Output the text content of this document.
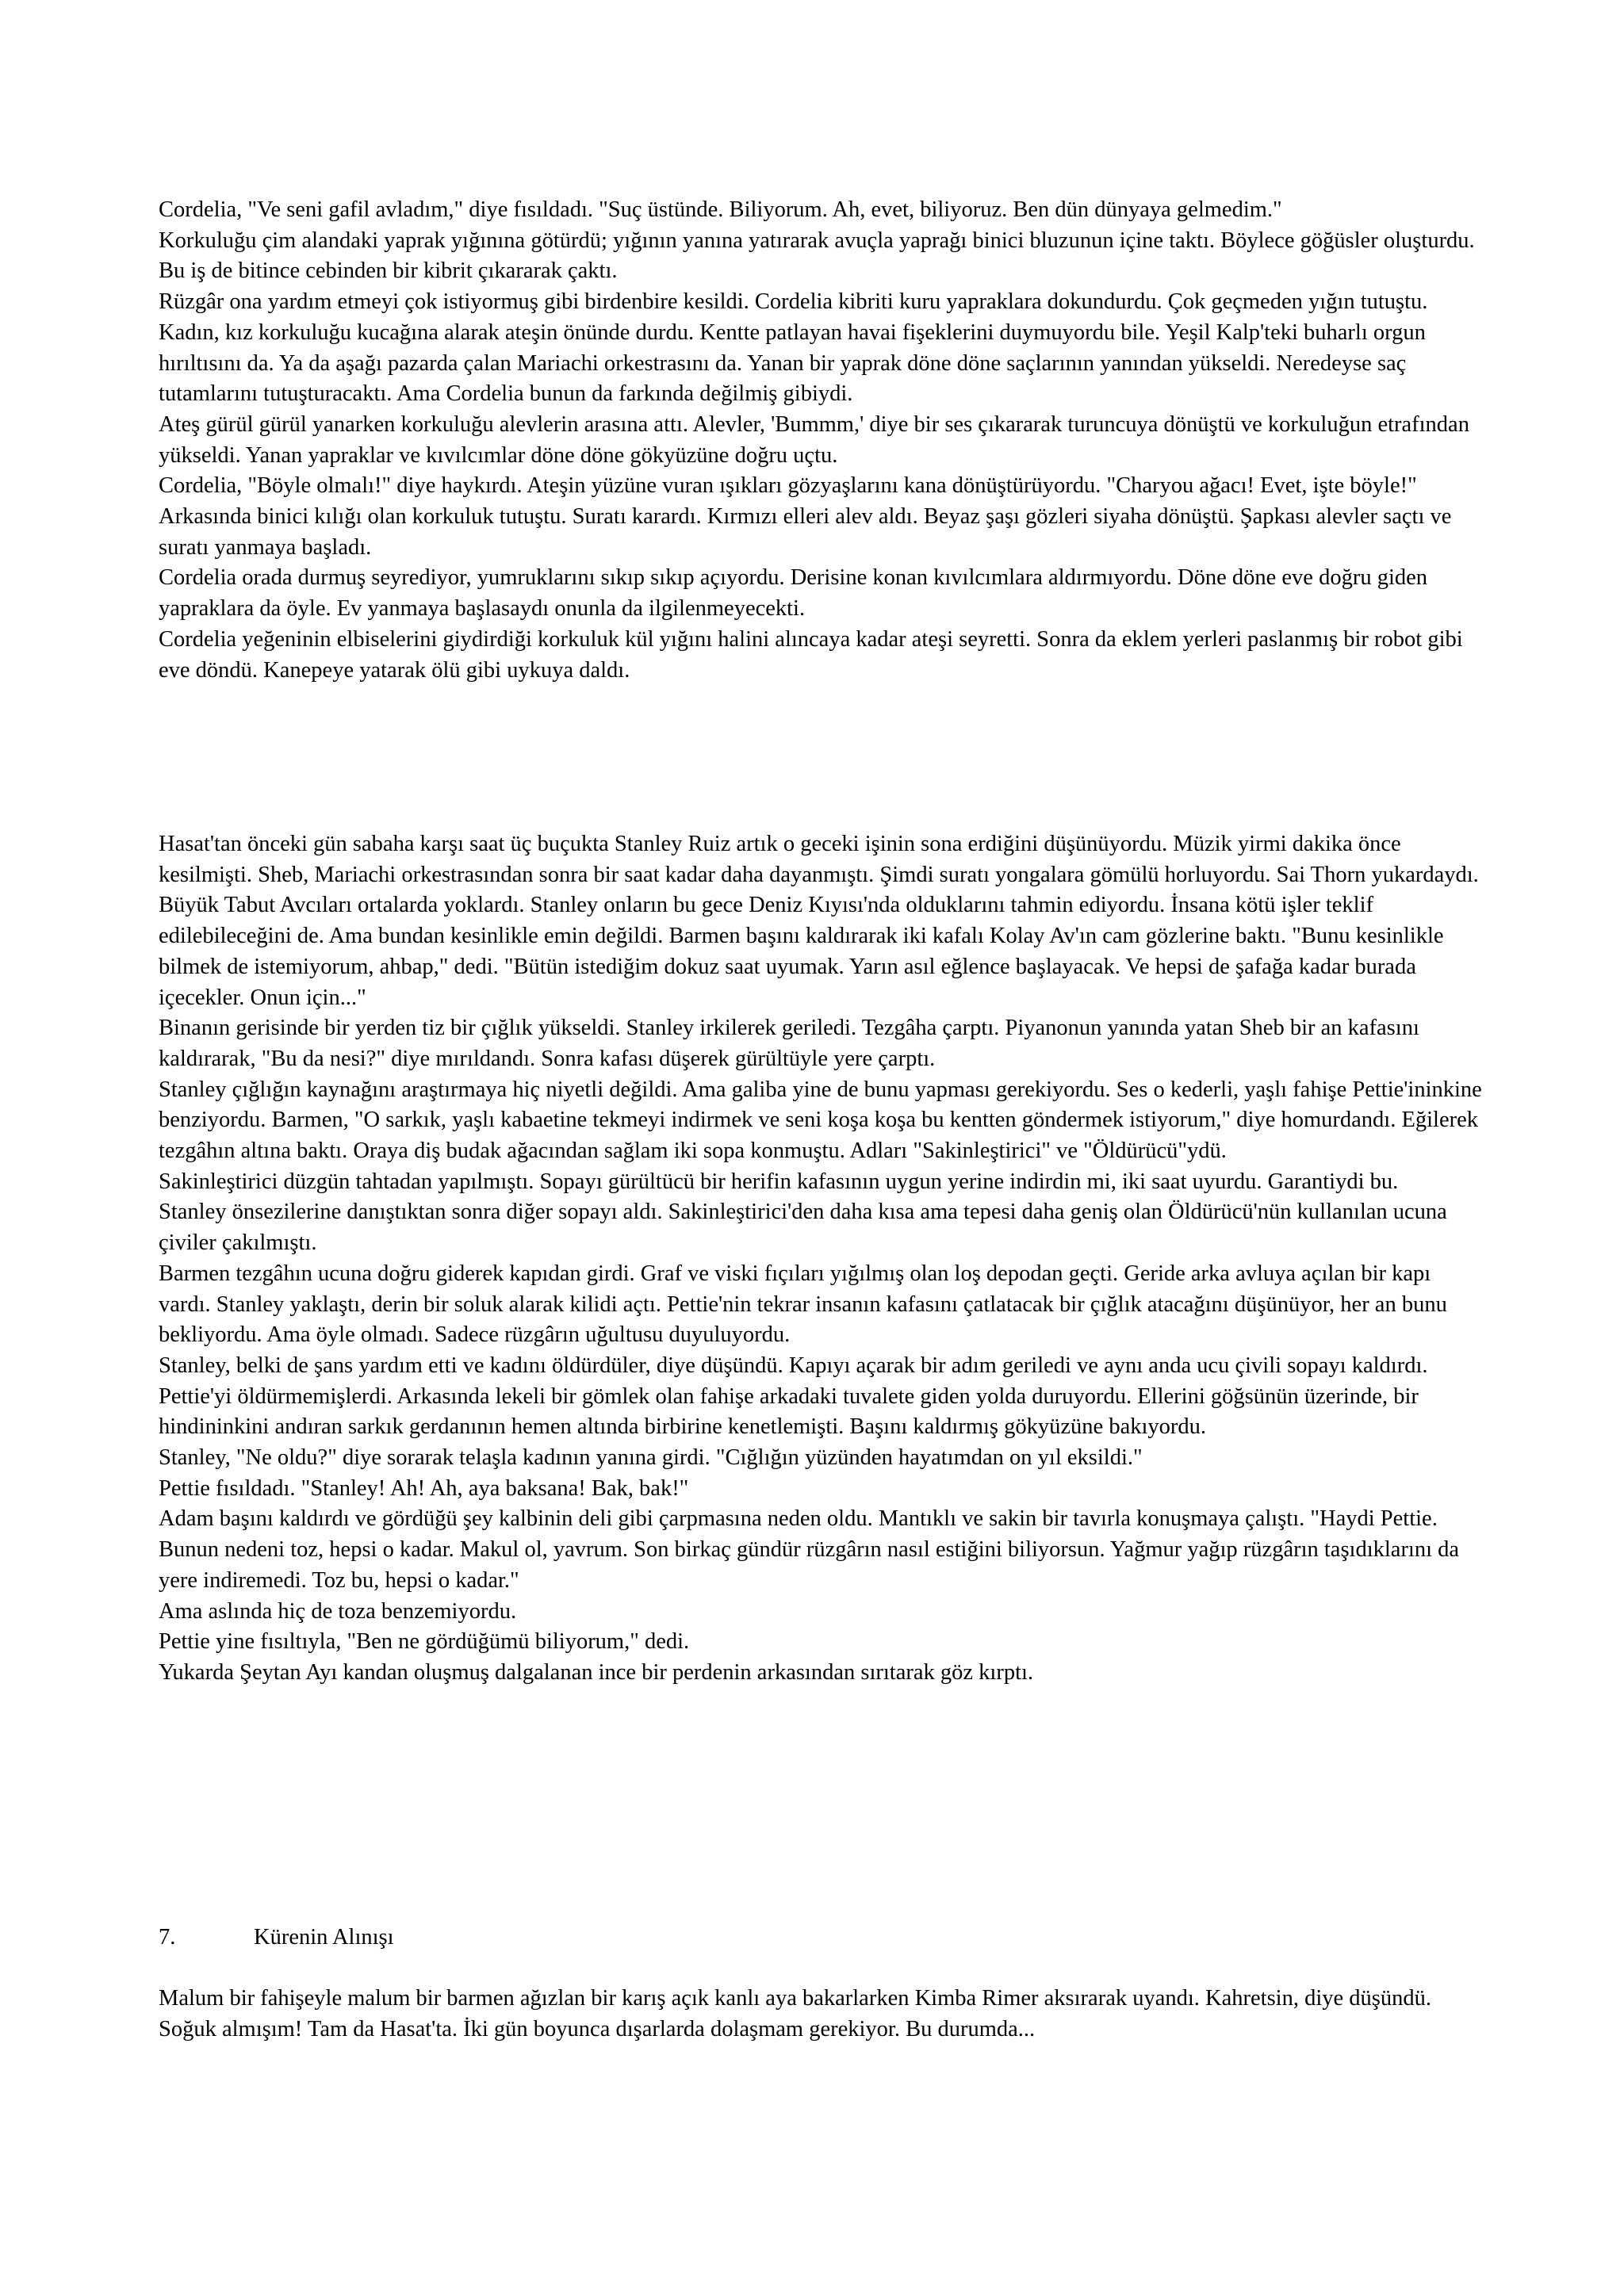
Cordelia, "Ve seni gafil avladım," diye fısıldadı. "Suç üstünde. Biliyorum. Ah, evet, biliyoruz. Ben dün dünyaya gelmedim."

Korkuluğu çim alandaki yaprak yığınına götürdü; yığının yanına yatırarak avuçla yaprağı binici bluzunun içine taktı. Böylece göğüsler oluşturdu. Bu iş de bitince cebinden bir kibrit çıkararak çaktı.

Rüzgâr ona yardım etmeyi çok istiyormuş gibi birdenbire kesildi. Cordelia kibriti kuru yapraklara dokundurdu. Çok geçmeden yığın tutuştu. Kadın, kız korkuluğu kucağına alarak ateşin önünde durdu. Kentte patlayan havai fişeklerini duymuyordu bile. Yeşil Kalp'teki buharlı orgun hırıltısını da. Ya da aşağı pazarda çalan Mariachi orkestrasını da. Yanan bir yaprak döne döne saçlarının yanından yükseldi. Neredeyse saç tutamlarını tutuşturacaktı. Ama Cordelia bunun da farkında değilmiş gibiydi.

Ateş gürül gürül yanarken korkuluğu alevlerin arasına attı. Alevler, 'Bummm,' diye bir ses çıkararak turuncuya dönüştü ve korkuluğun etrafından yükseldi. Yanan yapraklar ve kıvılcımlar döne döne gökyüzüne doğru uçtu.

Cordelia, "Böyle olmalı!" diye haykırdı. Ateşin yüzüne vuran ışıkları gözyaşlarını kana dönüştürüyordu. "Charyou ağacı! Evet, işte böyle!"

Arkasında binici kılığı olan korkuluk tutuştu. Suratı karardı. Kırmızı elleri alev aldı. Beyaz şaşı gözleri siyaha dönüştü. Şapkası alevler saçtı ve suratı yanmaya başladı.

Cordelia orada durmuş seyrediyor, yumruklarını sıkıp sıkıp açıyordu. Derisine konan kıvılcımlara aldırmıyordu. Döne döne eve doğru giden yapraklara da öyle. Ev yanmaya başlasaydı onunla da ilgilenmeyecekti.

Cordelia yeğeninin elbiselerini giydirdiği korkuluk kül yığını halini alıncaya kadar ateşi seyretti. Sonra da eklem yerleri paslanmış bir robot gibi eve döndü. Kanepeye yatarak ölü gibi uykuya daldı.

Hasat'tan önceki gün sabaha karşı saat üç buçukta Stanley Ruiz artık o geceki işinin sona erdiğini düşünüyordu. Müzik yirmi dakika önce kesilmişti. Sheb, Mariachi orkestrasından sonra bir saat kadar daha dayanmıştı. Şimdi suratı yongalara gömülü horluyordu. Sai Thorn yukardaydı. Büyük Tabut Avcıları ortalarda yoklardı. Stanley onların bu gece Deniz Kıyısı'nda olduklarını tahmin ediyordu. İnsana kötü işler teklif edilebileceğini de. Ama bundan kesinlikle emin değildi. Barmen başını kaldırarak iki kafalı Kolay Av'ın cam gözlerine baktı. "Bunu kesinlikle bilmek de istemiyorum, ahbap," dedi. "Bütün istediğim dokuz saat uyumak. Yarın asıl eğlence başlayacak. Ve hepsi de şafağa kadar burada içecekler. Onun için..."

Binanın gerisinde bir yerden tiz bir çığlık yükseldi. Stanley irkilerek geriledi. Tezgâha çarptı. Piyanonun yanında yatan Sheb bir an kafasını kaldırarak, "Bu da nesi?" diye mırıldandı. Sonra kafası düşerek gürültüyle yere çarptı.

Stanley çığlığın kaynağını araştırmaya hiç niyetli değildi. Ama galiba yine de bunu yapması gerekiyordu. Ses o kederli, yaşlı fahişe Pettie'ininkine benziyordu. Barmen, "O sarkık, yaşlı kabaetine tekmeyi indirmek ve seni koşa koşa bu kentten göndermek istiyorum," diye homurdandı. Eğilerek tezgâhın altına baktı. Oraya diş budak ağacından sağlam iki sopa konmuştu. Adları "Sakinleştirici" ve "Öldürücü"ydü.

Sakinleştirici düzgün tahtadan yapılmıştı. Sopayı gürültücü bir herifin kafasının uygun yerine indirdin mi, iki saat uyurdu. Garantiydi bu.

Stanley önsezilerine danıştıktan sonra diğer sopayı aldı. Sakinleştirici'den daha kısa ama tepesi daha geniş olan Öldürücü'nün kullanılan ucuna çiviler çakılmıştı.

Barmen tezgâhın ucuna doğru giderek kapıdan girdi. Graf ve viski fıçıları yığılmış olan loş depodan geçti. Geride arka avluya açılan bir kapı vardı. Stanley yaklaştı, derin bir soluk alarak kilidi açtı. Pettie'nin tekrar insanın kafasını çatlatacak bir çığlık atacağını düşünüyor, her an bunu bekliyordu. Ama öyle olmadı. Sadece rüzgârın uğultusu duyuluyordu.

Stanley, belki de şans yardım etti ve kadını öldürdüler, diye düşündü. Kapıyı açarak bir adım geriledi ve aynı anda ucu çivili sopayı kaldırdı.

Pettie'yi öldürmemişlerdi. Arkasında lekeli bir gömlek olan fahişe arkadaki tuvalete giden yolda duruyordu. Ellerini göğsünün üzerinde, bir hindininkini andıran sarkık gerdanının hemen altında birbirine kenetlemişti. Başını kaldırmış gökyüzüne bakıyordu.

Stanley, "Ne oldu?" diye sorarak telaşla kadının yanına girdi. "Cığlığın yüzünden hayatımdan on yıl eksildi."

Pettie fısıldadı. "Stanley! Ah! Ah, aya baksana! Bak, bak!"

Adam başını kaldırdı ve gördüğü şey kalbinin deli gibi çarpmasına neden oldu. Mantıklı ve sakin bir tavırla konuşmaya çalıştı. "Haydi Pettie. Bunun nedeni toz, hepsi o kadar. Makul ol, yavrum. Son birkaç gündür rüzgârın nasıl estiğini biliyorsun. Yağmur yağıp rüzgârın taşıdıklarını da yere indiremedi. Toz bu, hepsi o kadar."

Ama aslında hiç de toza benzemiyordu.

Pettie yine fısıltıyla, "Ben ne gördüğümü biliyorum," dedi.

Yukarda Şeytan Ayı kandan oluşmuş dalgalanan ince bir perdenin arkasından sırıtarak göz kırptı.

7.	Kürenin Alınışı

Malum bir fahişeyle malum bir barmen ağızlan bir karış açık kanlı aya bakarlarken Kimba Rimer aksırarak uyandı. Kahretsin, diye düşündü. Soğuk almışım! Tam da Hasat'ta. İki gün boyunca dışarlarda dolaşmam gerekiyor. Bu durumda...
